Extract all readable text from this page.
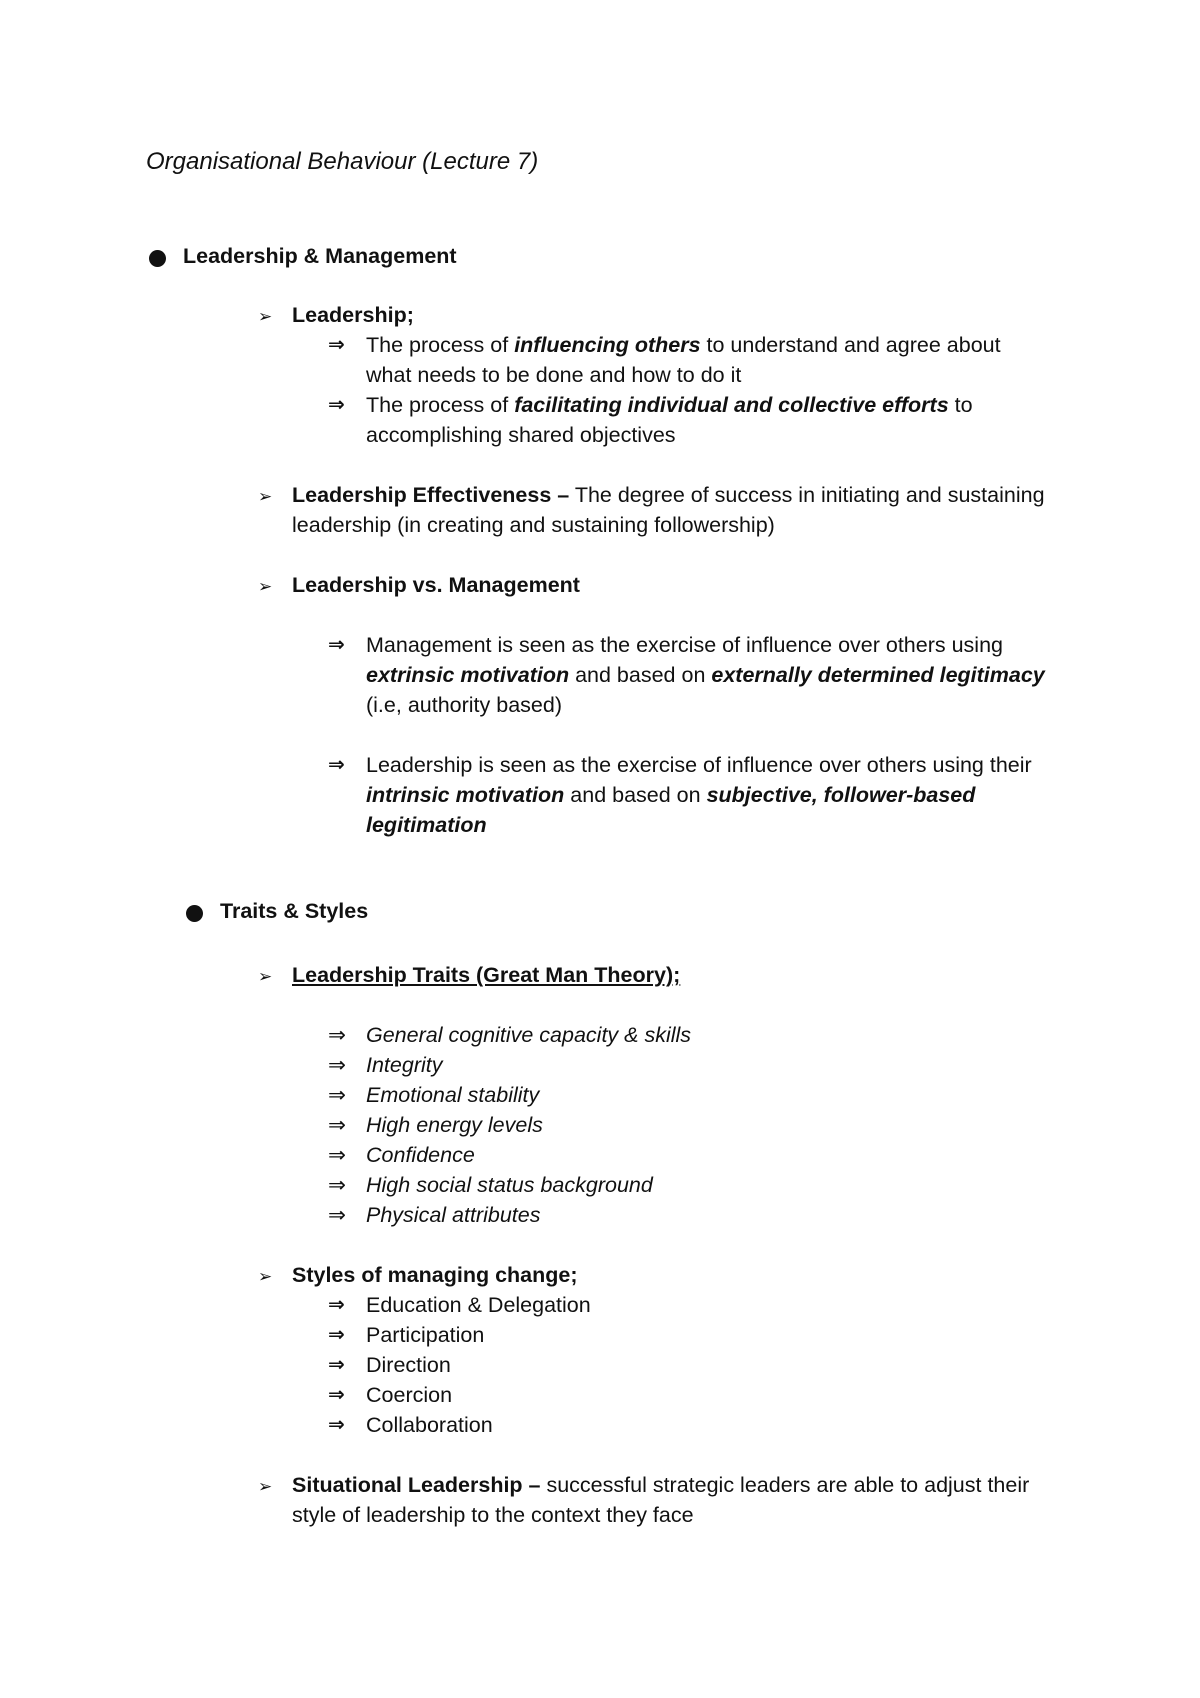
Organisational Behaviour (Lecture 7)
Leadership & Management
➢ Leadership;
⇒ The process of influencing others to understand and agree about
what needs to be done and how to do it
⇒ The process of facilitating individual and collective efforts to
accomplishing shared objectives
➢ Leadership Effectiveness – The degree of success in initiating and sustaining
leadership (in creating and sustaining followership)
➢ Leadership vs. Management
⇒ Management is seen as the exercise of influence over others using
extrinsic motivation and based on externally determined legitimacy
(i.e, authority based)
⇒ Leadership is seen as the exercise of influence over others using their
intrinsic motivation and based on subjective, follower-based
legitimation
Traits & Styles
➢ Leadership Traits (Great Man Theory);
⇒ General cognitive capacity & skills
⇒ Integrity
⇒ Emotional stability
⇒ High energy levels
⇒ Confidence
⇒ High social status background
⇒ Physical attributes
➢ Styles of managing change;
⇒ Education & Delegation
⇒ Participation
⇒ Direction
⇒ Coercion
⇒ Collaboration
➢ Situational Leadership – successful strategic leaders are able to adjust their
style of leadership to the context they face
